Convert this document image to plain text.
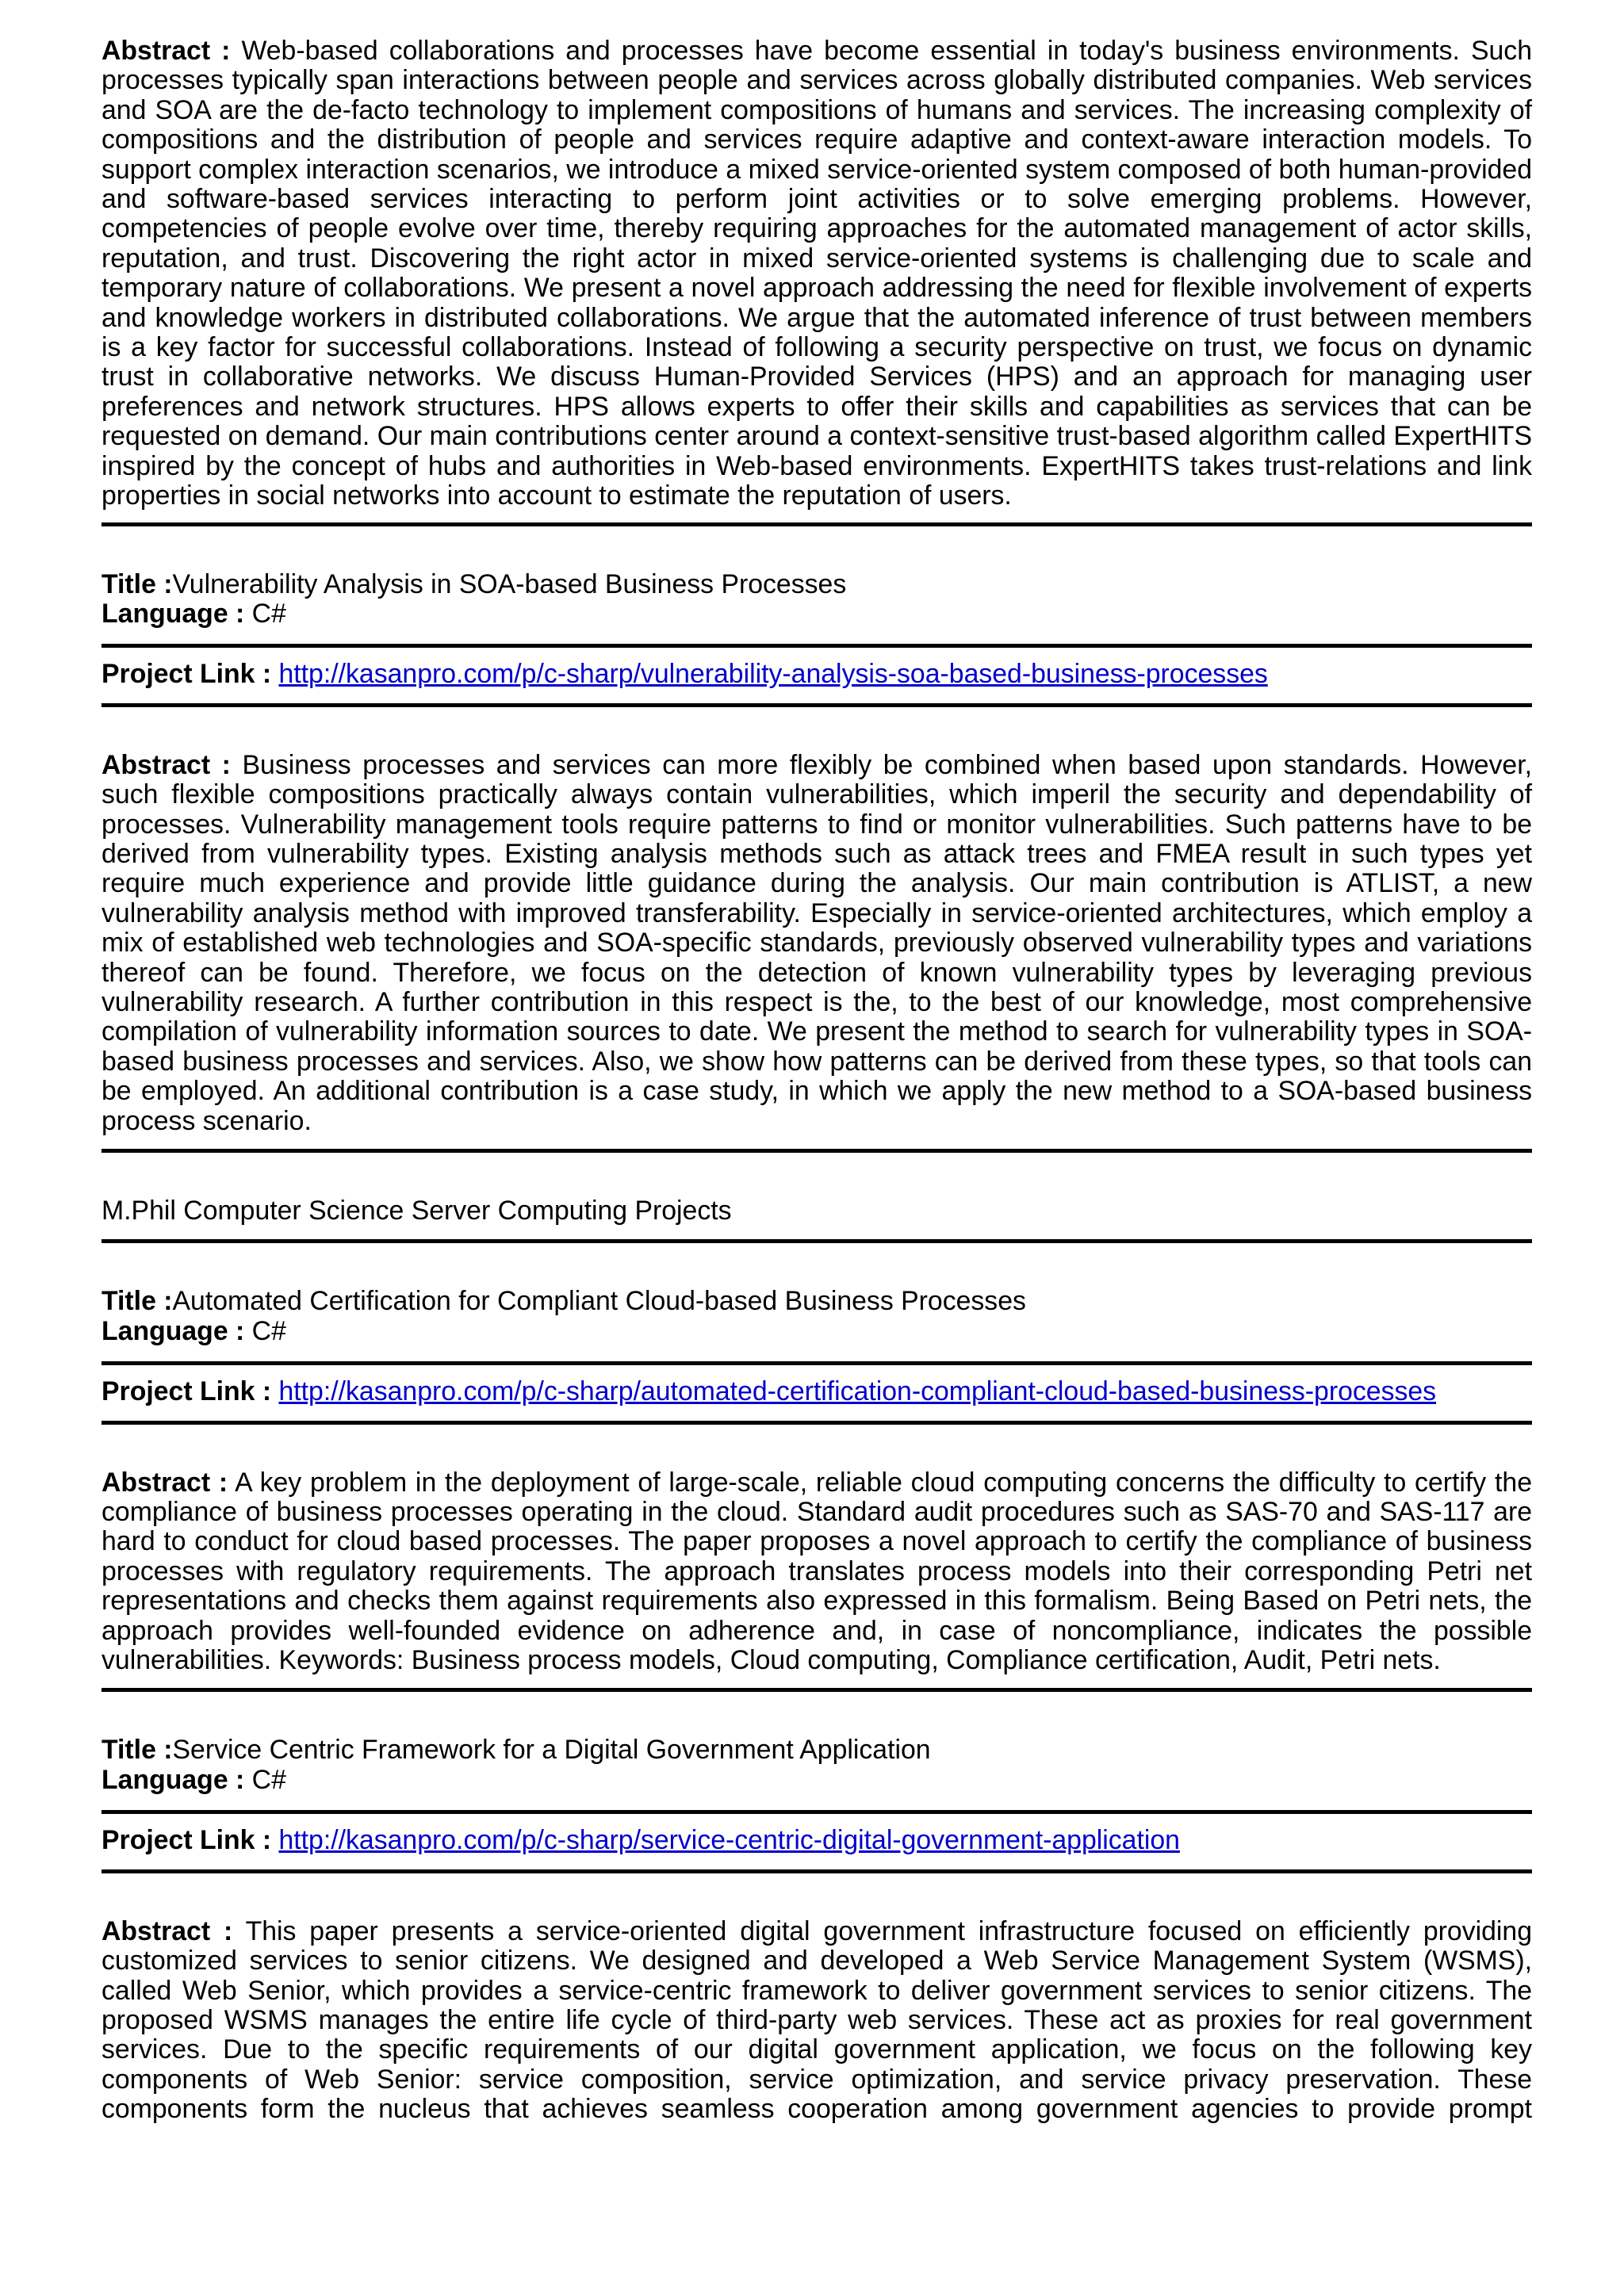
Abstract : Web-based collaborations and processes have become essential in today's business environments. Such processes typically span interactions between people and services across globally distributed companies. Web services and SOA are the de-facto technology to implement compositions of humans and services. The increasing complexity of compositions and the distribution of people and services require adaptive and context-aware interaction models. To support complex interaction scenarios, we introduce a mixed service-oriented system composed of both human-provided and software-based services interacting to perform joint activities or to solve emerging problems. However, competencies of people evolve over time, thereby requiring approaches for the automated management of actor skills, reputation, and trust. Discovering the right actor in mixed service-oriented systems is challenging due to scale and temporary nature of collaborations. We present a novel approach addressing the need for flexible involvement of experts and knowledge workers in distributed collaborations. We argue that the automated inference of trust between members is a key factor for successful collaborations. Instead of following a security perspective on trust, we focus on dynamic trust in collaborative networks. We discuss Human-Provided Services (HPS) and an approach for managing user preferences and network structures. HPS allows experts to offer their skills and capabilities as services that can be requested on demand. Our main contributions center around a context-sensitive trust-based algorithm called ExpertHITS inspired by the concept of hubs and authorities in Web-based environments. ExpertHITS takes trust-relations and link properties in social networks into account to estimate the reputation of users.

Title :Vulnerability Analysis in SOA-based Business Processes

Language : C#

Project Link : http://kasanpro.com/p/c-sharp/vulnerability-analysis-soa-based-business-processes

Abstract : Business processes and services can more flexibly be combined when based upon standards. However, such flexible compositions practically always contain vulnerabilities, which imperil the security and dependability of processes. Vulnerability management tools require patterns to find or monitor vulnerabilities. Such patterns have to be derived from vulnerability types. Existing analysis methods such as attack trees and FMEA result in such types yet require much experience and provide little guidance during the analysis. Our main contribution is ATLIST, a new vulnerability analysis method with improved transferability. Especially in service-oriented architectures, which employ a mix of established web technologies and SOA-specific standards, previously observed vulnerability types and variations thereof can be found. Therefore, we focus on the detection of known vulnerability types by leveraging previous vulnerability research. A further contribution in this respect is the, to the best of our knowledge, most comprehensive compilation of vulnerability information sources to date. We present the method to search for vulnerability types in SOA-based business processes and services. Also, we show how patterns can be derived from these types, so that tools can be employed. An additional contribution is a case study, in which we apply the new method to a SOA-based business process scenario.

M.Phil Computer Science Server Computing Projects

Title :Automated Certification for Compliant Cloud-based Business Processes

Language : C#

Project Link : http://kasanpro.com/p/c-sharp/automated-certification-compliant-cloud-based-business-processes

Abstract : A key problem in the deployment of large-scale, reliable cloud computing concerns the difficulty to certify the compliance of business processes operating in the cloud. Standard audit procedures such as SAS-70 and SAS-117 are hard to conduct for cloud based processes. The paper proposes a novel approach to certify the compliance of business processes with regulatory requirements. The approach translates process models into their corresponding Petri net representations and checks them against requirements also expressed in this formalism. Being Based on Petri nets, the approach provides well-founded evidence on adherence and, in case of noncompliance, indicates the possible vulnerabilities. Keywords: Business process models, Cloud computing, Compliance certification, Audit, Petri nets.

Title :Service Centric Framework for a Digital Government Application

Language : C#

Project Link : http://kasanpro.com/p/c-sharp/service-centric-digital-government-application

Abstract : This paper presents a service-oriented digital government infrastructure focused on efficiently providing customized services to senior citizens. We designed and developed a Web Service Management System (WSMS), called Web Senior, which provides a service-centric framework to deliver government services to senior citizens. The proposed WSMS manages the entire life cycle of third-party web services. These act as proxies for real government services. Due to the specific requirements of our digital government application, we focus on the following key components of Web Senior: service composition, service optimization, and service privacy preservation. These components form the nucleus that achieves seamless cooperation among government agencies to provide prompt
